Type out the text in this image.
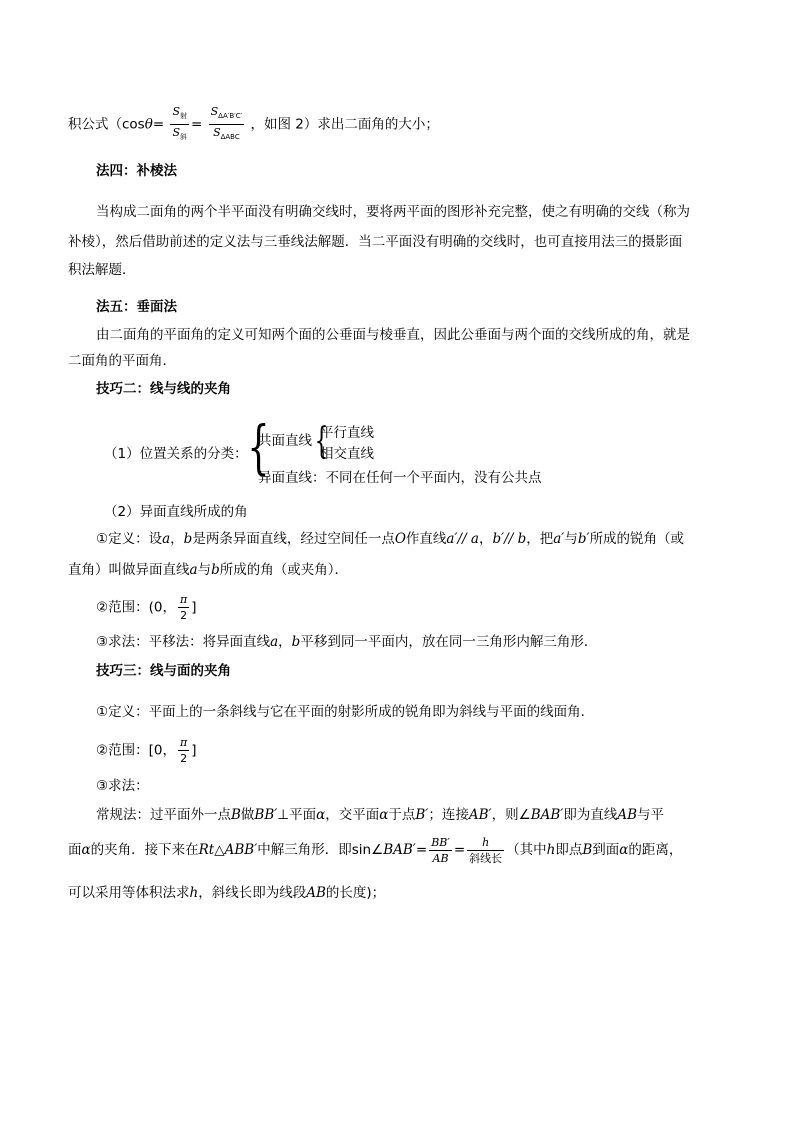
积公式（$\cos\theta= \frac{S_射}{S_斜} = \frac{S_{\Delta A'B'C'}}{S_{\Delta ABC}}$ ，如图 2）求出二面角的大小；
法四：补棱法
当构成二面角的两个半平面没有明确交线时，要将两平面的图形补充完整，使之有明确的交线（称为
补棱），然后借助前述的定义法与三垂线法解题．当二平面没有明确的交线时，也可直接用法三的摄影面
积法解题．
法五：垂面法
由二面角的平面角的定义可知两个面的公垂面与棱垂直，因此公垂面与两个面的交线所成的角，就是
二面角的平面角．
技巧二：线与线的夹角
（1）位置关系的分类： {
共面直线 {
平行直线
相交直线
异面直线：不同在任何一个平面内，没有公共点
（2）异面直线所成的角
①定义：设a，b是两条异面直线，经过空间任一点O作直线a′// a，b′// b，把a′与b′所成的锐角（或
直角）叫做异面直线a与b所成的角（或夹角）．
②范围：(0， $\frac{\pi}{2}$ ]
③求法：平移法：将异面直线a，b平移到同一平面内，放在同一三角形内解三角形．
技巧三：线与面的夹角
①定义：平面上的一条斜线与它在平面的射影所成的锐角即为斜线与平面的线面角．
②范围：[0， $\frac{\pi}{2}$ ]
③求法：
常规法：过平面外一点B做BB′⊥平面α，交平面α于点B′；连接AB′，则∠BAB′即为直线AB与平
面α的夹角．接下来在Rt△ABB′中解三角形．即sin∠BAB′= $\frac{BB'}{AB} = \frac{h}{\text{斜线长}}$ （其中h即点B到面α的距离，
可以采用等体积法求h，斜线长即为线段AB的长度)；
